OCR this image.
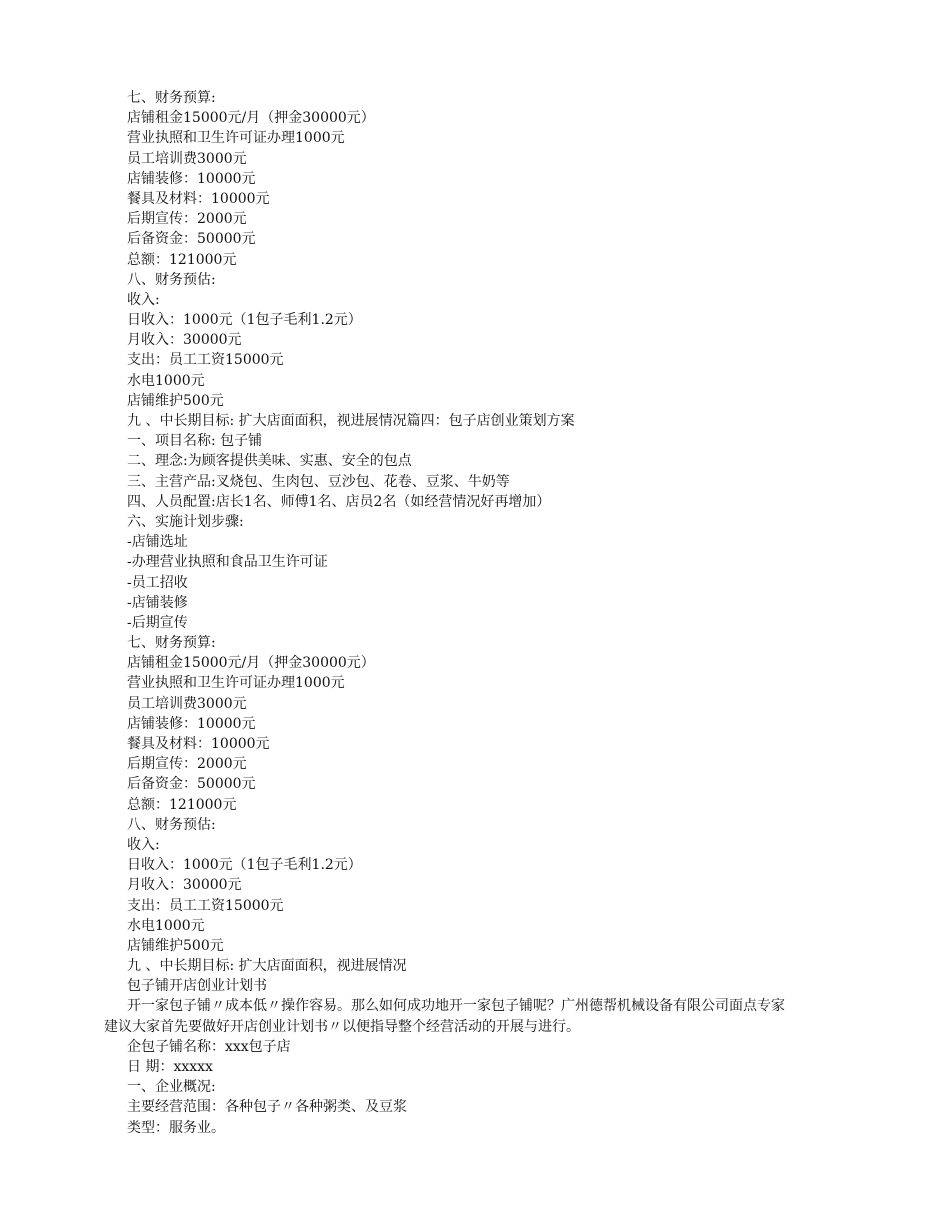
七、财务预算:
店铺租金15000元/月（押金30000元）
营业执照和卫生许可证办理1000元
员工培训费3000元
店铺装修：10000元
餐具及材料：10000元
后期宣传：2000元
后备资金：50000元
总额：121000元
八、财务预估:
收入:
日收入：1000元（1包子毛利1.2元）
月收入：30000元
支出：员工工资15000元
水电1000元
店铺维护500元
九 、中长期目标: 扩大店面面积，视进展情况篇四：包子店创业策划方案
一、项目名称: 包子铺
二、理念:为顾客提供美味、实惠、安全的包点
三、主营产品:叉烧包、生肉包、豆沙包、花卷、豆浆、牛奶等
四、人员配置:店长1名、师傅1名、店员2名（如经营情况好再增加）
六、实施计划步骤:
-店铺选址
-办理营业执照和食品卫生许可证
-员工招收
-店铺装修
-后期宣传
七、财务预算:
店铺租金15000元/月（押金30000元）
营业执照和卫生许可证办理1000元
员工培训费3000元
店铺装修：10000元
餐具及材料：10000元
后期宣传：2000元
后备资金：50000元
总额：121000元
八、财务预估:
收入:
日收入：1000元（1包子毛利1.2元）
月收入：30000元
支出：员工工资15000元
水电1000元
店铺维护500元
九 、中长期目标: 扩大店面面积，视进展情况
包子铺开店创业计划书
开一家包子铺〃成本低〃操作容易。那么如何成功地开一家包子铺呢？广州德帮机械设备有限公司面点专家
建议大家首先要做好开店创业计划书〃以便指导整个经营活动的开展与进行。
企包子铺名称：xxx包子店
日 期：xxxxx
一、企业概况:
主要经营范围：各种包子〃各种粥类、及豆浆
类型：服务业。
